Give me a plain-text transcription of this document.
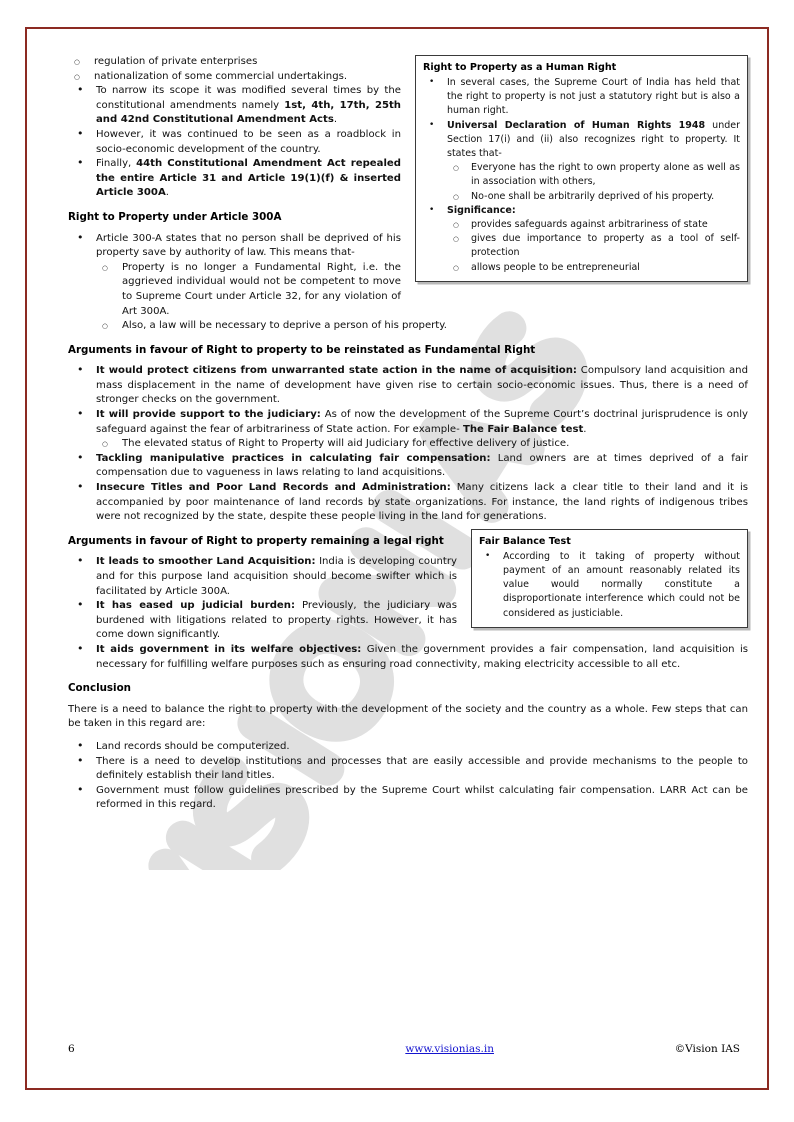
Right to Property as a Human Right
• In several cases, the Supreme Court of India has held that the right to property is not just a statutory right but is also a human right.
• Universal Declaration of Human Rights 1948 under Section 17(i) and (ii) also recognizes right to property. It states that-
○ Everyone has the right to own property alone as well as in association with others,
○ No-one shall be arbitrarily deprived of his property.
• Significance:
○ provides safeguards against arbitrariness of state
○ gives due importance to property as a tool of self-protection
○ allows people to be entrepreneurial
○ regulation of private enterprises
○ nationalization of some commercial undertakings.
• To narrow its scope it was modified several times by the constitutional amendments namely 1st, 4th, 17th, 25th and 42nd Constitutional Amendment Acts.
• However, it was continued to be seen as a roadblock in socio-economic development of the country.
• Finally, 44th Constitutional Amendment Act repealed the entire Article 31 and Article 19(1)(f) & inserted Article 300A.
Right to Property under Article 300A
• Article 300-A states that no person shall be deprived of his property save by authority of law. This means that-
○ Property is no longer a Fundamental Right, i.e. the aggrieved individual would not be competent to move to Supreme Court under Article 32, for any violation of Art 300A.
○ Also, a law will be necessary to deprive a person of his property.
Arguments in favour of Right to property to be reinstated as Fundamental Right
• It would protect citizens from unwarranted state action in the name of acquisition: Compulsory land acquisition and mass displacement in the name of development have given rise to certain socio-economic issues. Thus, there is a need of stronger checks on the government.
• It will provide support to the judiciary: As of now the development of the Supreme Court’s doctrinal jurisprudence is only safeguard against the fear of arbitrariness of State action. For example- The Fair Balance test.
○ The elevated status of Right to Property will aid Judiciary for effective delivery of justice.
• Tackling manipulative practices in calculating fair compensation: Land owners are at times deprived of a fair compensation due to vagueness in laws relating to land acquisitions.
• Insecure Titles and Poor Land Records and Administration: Many citizens lack a clear title to their land and it is accompanied by poor maintenance of land records by state organizations. For instance, the land rights of indigenous tribes were not recognized by the state, despite these people living in the land for generations.
Fair Balance Test
• According to it taking of property without payment of an amount reasonably related its value would normally constitute a disproportionate interference which could not be considered as justiciable.
Arguments in favour of Right to property remaining a legal right
• It leads to smoother Land Acquisition: India is developing country and for this purpose land acquisition should become swifter which is facilitated by Article 300A.
• It has eased up judicial burden: Previously, the judiciary was burdened with litigations related to property rights. However, it has come down significantly.
• It aids government in its welfare objectives: Given the government provides a fair compensation, land acquisition is necessary for fulfilling welfare purposes such as ensuring road connectivity, making electricity accessible to all etc.
Conclusion

There is a need to balance the right to property with the development of the society and the country as a whole. Few steps that can be taken in this regard are:

• Land records should be computerized.
• There is a need to develop institutions and processes that are easily accessible and provide mechanisms to the people to definitely establish their land titles.
• Government must follow guidelines prescribed by the Supreme Court whilst calculating fair compensation. LARR Act can be reformed in this regard.
6	www.visionias.in	©Vision IAS
